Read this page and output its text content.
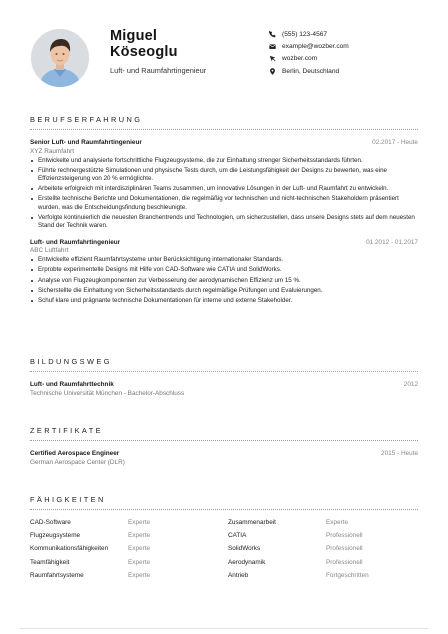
Miguel
Köseoglu
Luft- und Raumfahrtingenieur
(555) 123-4567
example@wozber.com
wozber.com
Berlin, Deutschland
BERUFSERFAHRUNG
Senior Luft- und Raumfahrtingenieur	02.2017 - Heute
XYZ Raumfahrt
Entwickelte und analysierte fortschrittliche Flugzeugsysteme, die zur Einhaltung strenger Sicherheitsstandards führten.
Führte rechnergestützte Simulationen und physische Tests durch, um die Leistungsfähigkeit der Designs zu bewerten, was eine Effizienzsteigerung von 20 % ermöglichte.
Arbeitete erfolgreich mit interdisziplinären Teams zusammen, um innovative Lösungen in der Luft- und Raumfahrt zu entwickeln.
Erstellte technische Berichte und Dokumentationen, die regelmäßig vor technischen und nicht-technischen Stakeholdern präsentiert wurden, was die Entscheidungsfindung beschleunigte.
Verfolgte kontinuierlich die neuesten Branchentrends und Technologien, um sicherzustellen, dass unsere Designs stets auf dem neuesten Stand der Technik waren.
Luft- und Raumfahrtingenieur	01.2012 - 01.2017
ABC Luftfahrt
Entwickelte effizient Raumfahrtsysteme unter Berücksichtigung internationaler Standards.
Erprobte experimentelle Designs mit Hilfe von CAD-Software wie CATIA und SolidWorks.
Analyse von Flugzeugkomponenten zur Verbesserung der aerodynamischen Effizienz um 15 %.
Sicherstellte die Einhaltung von Sicherheitsstandards durch regelmäßige Prüfungen und Evaluierungen.
Schuf klare und prägnante technische Dokumentationen für interne und externe Stakeholder.
BILDUNGSWEG
Luft- und Raumfahrttechnik	2012
Technische Universität München - Bachelor-Abschluss
ZERTIFIKATE
Certified Aerospace Engineer	2015 - Heute
German Aerospace Center (DLR)
FÄHIGKEITEN
CAD-Software	Experte	Zusammenarbeit	Experte
Flugzeugsysteme	Experte	CATIA	Professionell
Kommunikationsfähigkeiten	Experte	SolidWorks	Professionell
Teamfähigkeit	Experte	Aerodynamik	Professionell
Raumfahrtsysteme	Experte	Antrieb	Fortgeschritten
